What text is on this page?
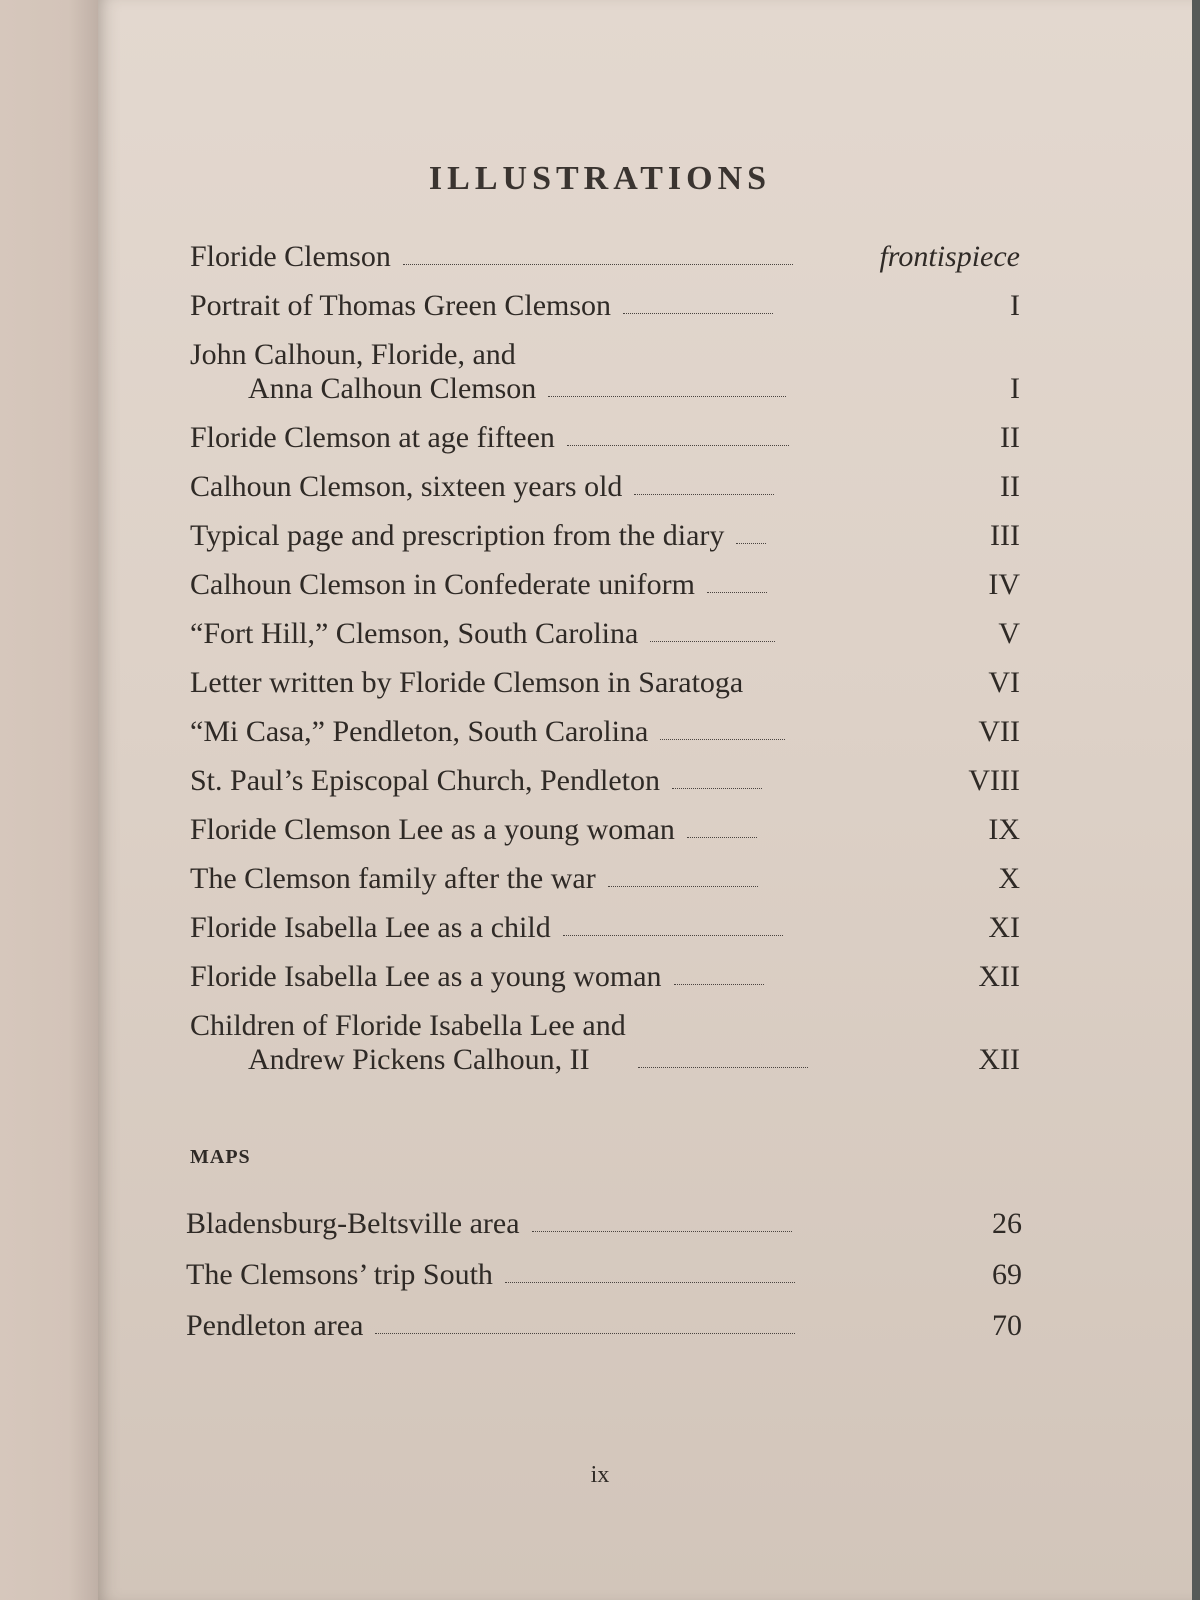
ILLUSTRATIONS
Floride Clemson	frontispiece
Portrait of Thomas Green Clemson	I
John Calhoun, Floride, and
Anna Calhoun Clemson	I
Floride Clemson at age fifteen	II
Calhoun Clemson, sixteen years old	II
Typical page and prescription from the diary	III
Calhoun Clemson in Confederate uniform	IV
“Fort Hill,” Clemson, South Carolina	V
Letter written by Floride Clemson in Saratoga	VI
“Mi Casa,” Pendleton, South Carolina	VII
St. Paul’s Episcopal Church, Pendleton	VIII
Floride Clemson Lee as a young woman	IX
The Clemson family after the war	X
Floride Isabella Lee as a child	XI
Floride Isabella Lee as a young woman	XII
Children of Floride Isabella Lee and
Andrew Pickens Calhoun, II	XII
MAPS
Bladensburg-Beltsville area	26
The Clemsons’ trip South	69
Pendleton area	70
ix
